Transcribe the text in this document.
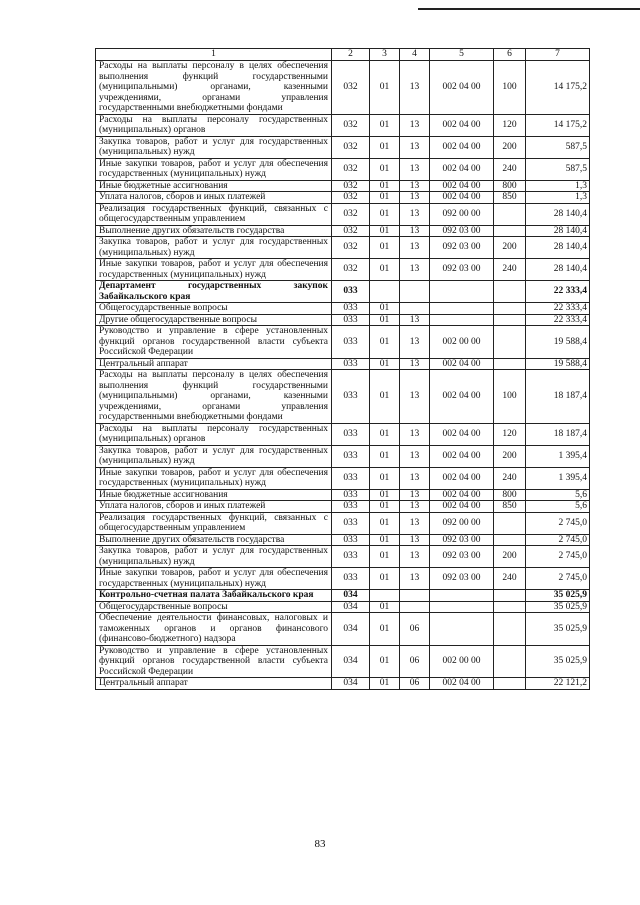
1	2	3	4	5	6	7
Расходы на выплаты персоналу в целях обеспечения выполнения функций государственными (муниципальными) органами, казенными учреждениями, органами управления государственными внебюджетными фондами	032	01	13	002 04 00	100	14 175,2
Расходы на выплаты персоналу государственных (муниципальных) органов	032	01	13	002 04 00	120	14 175,2
Закупка товаров, работ и услуг для государственных (муниципальных) нужд	032	01	13	002 04 00	200	587,5
Иные закупки товаров, работ и услуг для обеспечения государственных (муниципальных) нужд	032	01	13	002 04 00	240	587,5
Иные бюджетные ассигнования	032	01	13	002 04 00	800	1,3
Уплата налогов, сборов и иных платежей	032	01	13	002 04 00	850	1,3
Реализация государственных функций, связанных с общегосударственным управлением	032	01	13	092 00 00		28 140,4
Выполнение других обязательств государства	032	01	13	092 03 00		28 140,4
Закупка товаров, работ и услуг для государственных (муниципальных) нужд	032	01	13	092 03 00	200	28 140,4
Иные закупки товаров, работ и услуг для обеспечения государственных (муниципальных) нужд	032	01	13	092 03 00	240	28 140,4
Департамент государственных закупок Забайкальского края	033					22 333,4
Общегосударственные вопросы	033	01				22 333,4
Другие общегосударственные вопросы	033	01	13			22 333,4
Руководство и управление в сфере установленных функций органов государственной власти субъекта Российской Федерации	033	01	13	002 00 00		19 588,4
Центральный аппарат	033	01	13	002 04 00		19 588,4
Расходы на выплаты персоналу в целях обеспечения выполнения функций государственными (муниципальными) органами, казенными учреждениями, органами управления государственными внебюджетными фондами	033	01	13	002 04 00	100	18 187,4
Расходы на выплаты персоналу государственных (муниципальных) органов	033	01	13	002 04 00	120	18 187,4
Закупка товаров, работ и услуг для государственных (муниципальных) нужд	033	01	13	002 04 00	200	1 395,4
Иные закупки товаров, работ и услуг для обеспечения государственных (муниципальных) нужд	033	01	13	002 04 00	240	1 395,4
Иные бюджетные ассигнования	033	01	13	002 04 00	800	5,6
Уплата налогов, сборов и иных платежей	033	01	13	002 04 00	850	5,6
Реализация государственных функций, связанных с общегосударственным управлением	033	01	13	092 00 00		2 745,0
Выполнение других обязательств государства	033	01	13	092 03 00		2 745,0
Закупка товаров, работ и услуг для государственных (муниципальных) нужд	033	01	13	092 03 00	200	2 745,0
Иные закупки товаров, работ и услуг для обеспечения государственных (муниципальных) нужд	033	01	13	092 03 00	240	2 745,0
Контрольно-счетная палата Забайкальского края	034					35 025,9
Общегосударственные вопросы	034	01				35 025,9
Обеспечение деятельности финансовых, налоговых и таможенных органов и органов финансового (финансово-бюджетного) надзора	034	01	06			35 025,9
Руководство и управление в сфере установленных функций органов государственной власти субъекта Российской Федерации	034	01	06	002 00 00		35 025,9
Центральный аппарат	034	01	06	002 04 00		22 121,2
83
